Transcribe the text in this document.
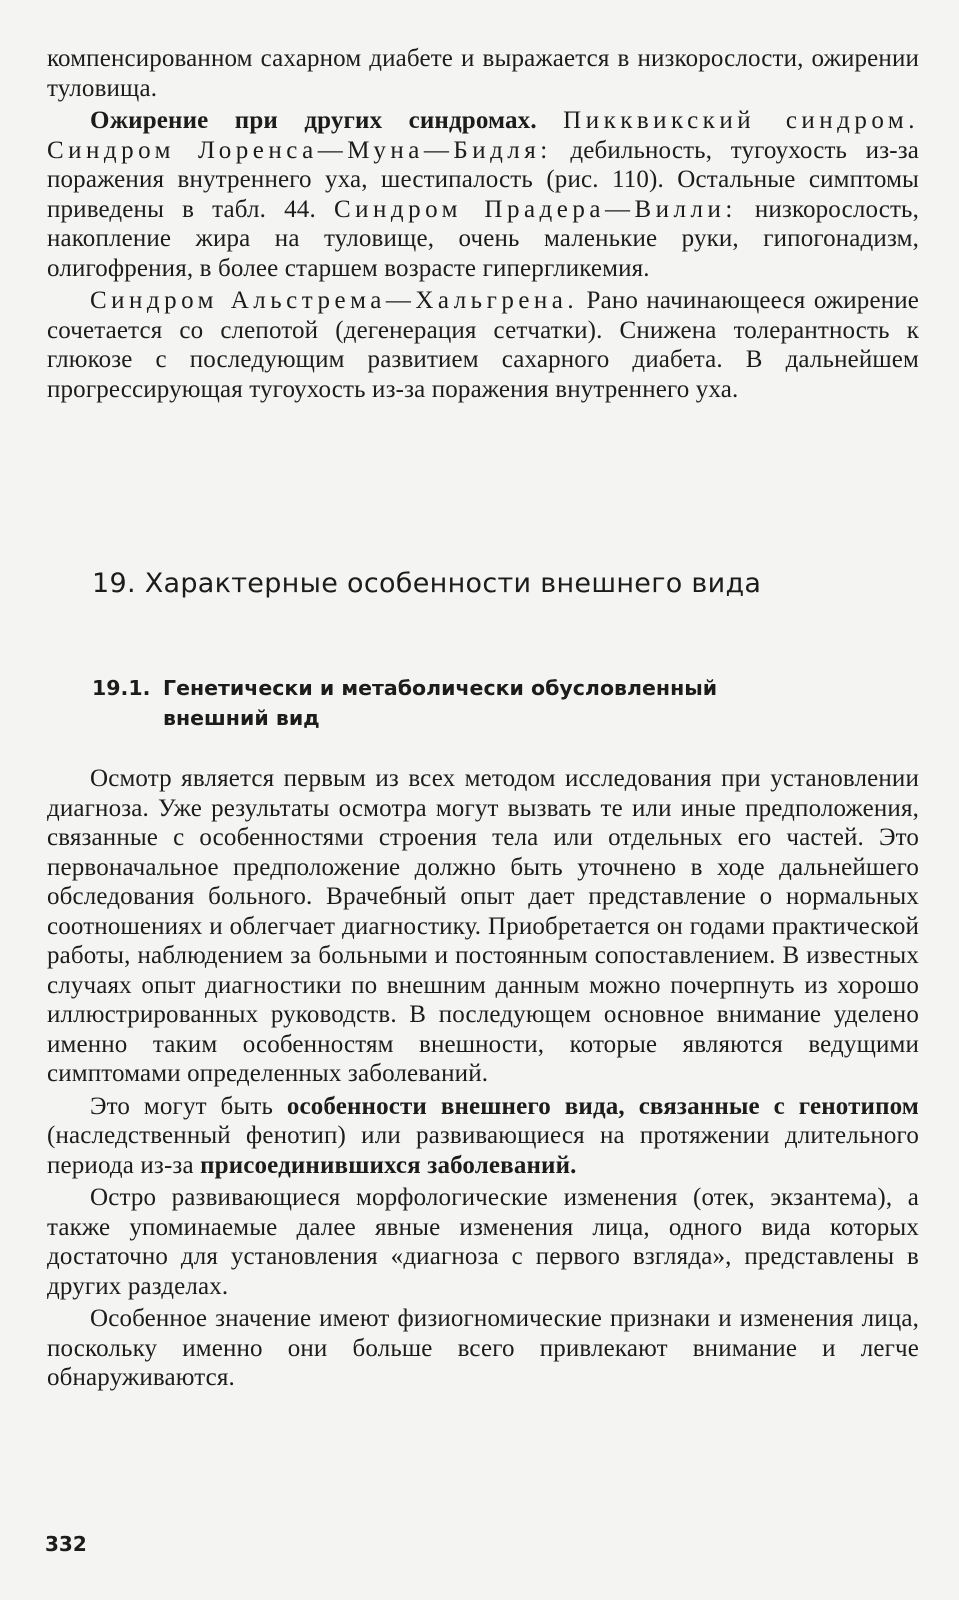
компенсированном сахарном диабете и выражается в низкорослости, ожирении туловища.

Ожирение при других синдромах. Пикквикский синдром. Синдром Лоренса—Муна—Бидля: дебильность, тугоухость из-за поражения внутреннего уха, шестипалость (рис. 110). Остальные симптомы приведены в табл. 44. Синдром Прадера—Вилли: низкорослость, накопление жира на туловище, очень маленькие руки, гипогонадизм, олигофрения, в более старшем возрасте гипергликемия.

Синдром Альстрема—Хальгрена. Рано начинающееся ожирение сочетается со слепотой (дегенерация сетчатки). Снижена толерантность к глюкозе с последующим развитием сахарного диабета. В дальнейшем прогрессирующая тугоухость из-за поражения внутреннего уха.

19. Характерные особенности внешнего вида
19.1. Генетически и метаболически обусловленный
внешний вид

Осмотр является первым из всех методом исследования при установлении диагноза. Уже результаты осмотра могут вызвать те или иные предположения, связанные с особенностями строения тела или отдельных его частей. Это первоначальное предположение должно быть уточнено в ходе дальнейшего обследования больного. Врачебный опыт дает представление о нормальных соотношениях и облегчает диагностику. Приобретается он годами практической работы, наблюдением за больными и постоянным сопоставлением. В известных случаях опыт диагностики по внешним данным можно почерпнуть из хорошо иллюстрированных руководств. В последующем основное внимание уделено именно таким особенностям внешности, которые являются ведущими симптомами определенных заболеваний.

Это могут быть особенности внешнего вида, связанные с генотипом (наследственный фенотип) или развивающиеся на протяжении длительного периода из-за присоединившихся заболеваний.

Остро развивающиеся морфологические изменения (отек, экзантема), а также упоминаемые далее явные изменения лица, одного вида которых достаточно для установления «диагноза с первого взгляда», представлены в других разделах.

Особенное значение имеют физиогномические признаки и изменения лица, поскольку именно они больше всего привлекают внимание и легче обнаруживаются.

332
